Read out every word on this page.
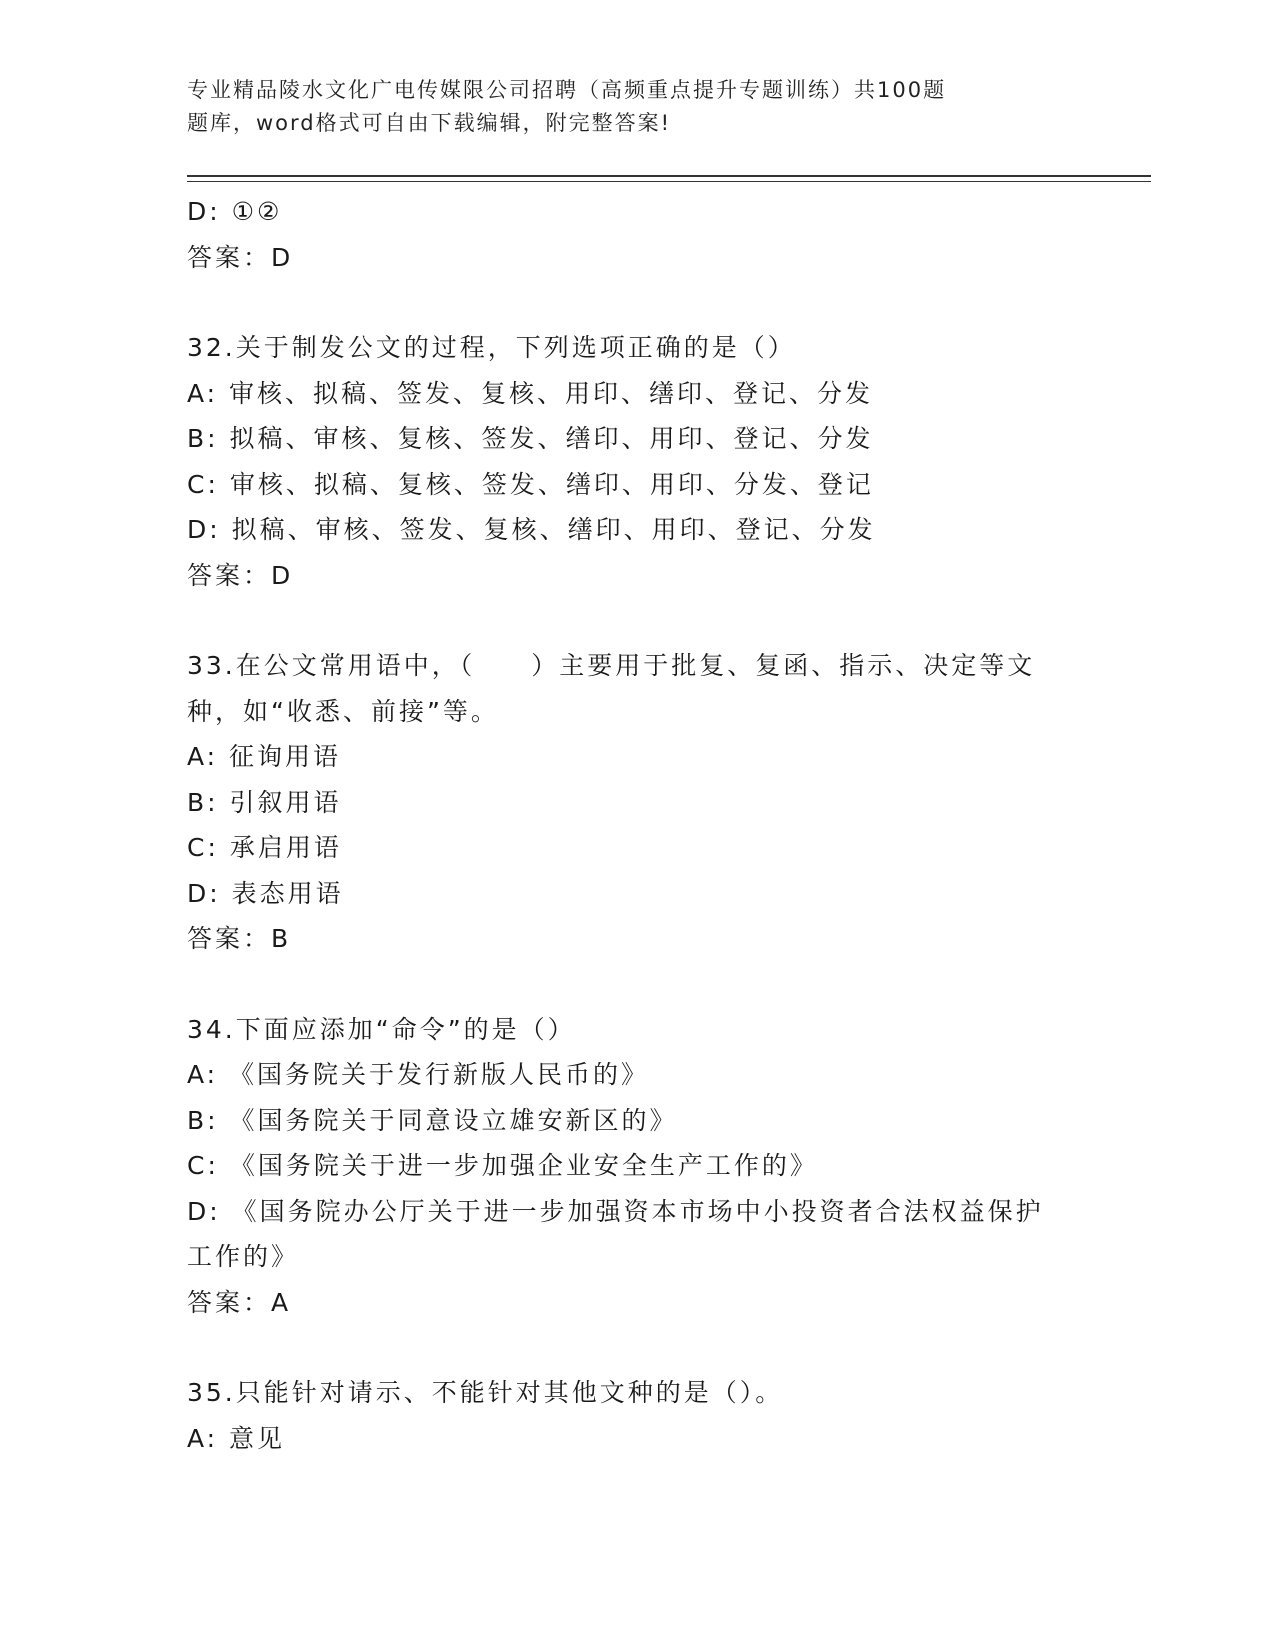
专业精品陵水文化广电传媒限公司招聘（高频重点提升专题训练）共100题
题库，word格式可自由下载编辑，附完整答案!
D: ①②
答案：D
32.关于制发公文的过程，下列选项正确的是（）
A: 审核、拟稿、签发、复核、用印、缮印、登记、分发
B: 拟稿、审核、复核、签发、缮印、用印、登记、分发
C: 审核、拟稿、复核、签发、缮印、用印、分发、登记
D: 拟稿、审核、签发、复核、缮印、用印、登记、分发
答案：D
33.在公文常用语中，（　　）主要用于批复、复函、指示、决定等文
种，如“收悉、前接”等。
A: 征询用语
B: 引叙用语
C: 承启用语
D: 表态用语
答案：B
34.下面应添加“命令”的是（）
A: 《国务院关于发行新版人民币的》
B: 《国务院关于同意设立雄安新区的》
C: 《国务院关于进一步加强企业安全生产工作的》
D: 《国务院办公厅关于进一步加强资本市场中小投资者合法权益保护
工作的》
答案：A
35.只能针对请示、不能针对其他文种的是（）。
A: 意见
